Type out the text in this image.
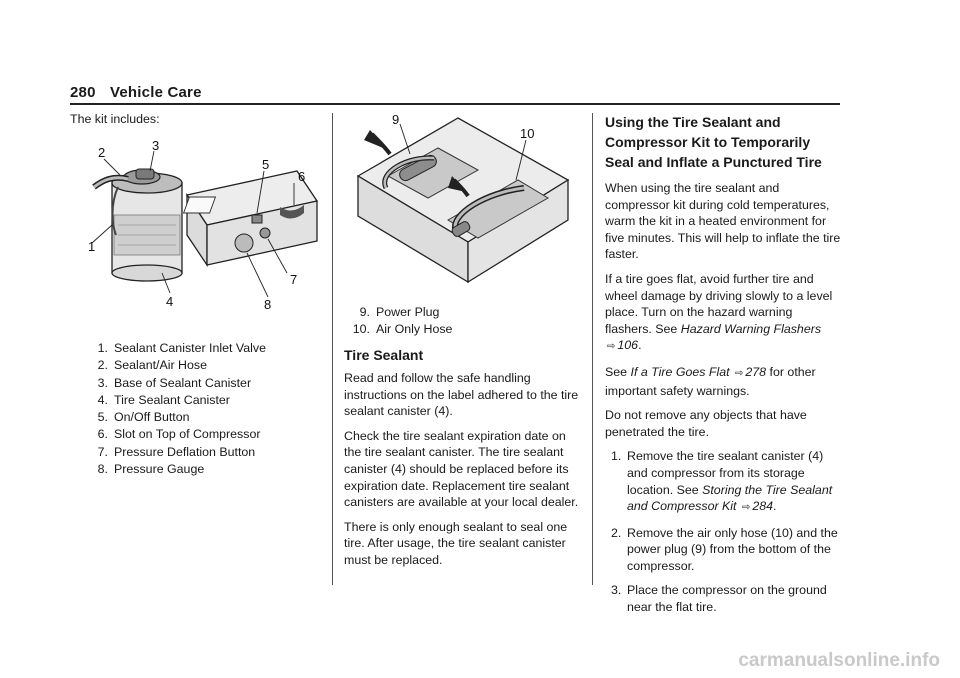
280 Vehicle Care
The kit includes:
1
2	3
4
5
6
7
8
1. Sealant Canister Inlet Valve
2. Sealant/Air Hose
3. Base of Sealant Canister
4. Tire Sealant Canister
5. On/Off Button
6. Slot on Top of Compressor
7. Pressure Deflation Button
8. Pressure Gauge
9
10
9. Power Plug
10. Air Only Hose
Tire Sealant

Read and follow the safe handling instructions on the label adhered to the tire sealant canister (4).

Check the tire sealant expiration date on the tire sealant canister. The tire sealant canister (4) should be replaced before its expiration date. Replacement tire sealant canisters are available at your local dealer.

There is only enough sealant to seal one tire. After usage, the tire sealant canister must be replaced.

Using the Tire Sealant and Compressor Kit to Temporarily Seal and Inflate a Punctured Tire

When using the tire sealant and compressor kit during cold temperatures, warm the kit in a heated environment for five minutes. This will help to inflate the tire faster.

If a tire goes flat, avoid further tire and wheel damage by driving slowly to a level place. Turn on the hazard warning flashers. See Hazard Warning Flashers ⇨ 106.

See If a Tire Goes Flat ⇨ 278 for other important safety warnings.

Do not remove any objects that have penetrated the tire.

1. Remove the tire sealant canister (4) and compressor from its storage location. See Storing the Tire Sealant and Compressor Kit ⇨ 284.
2. Remove the air only hose (10) and the power plug (9) from the bottom of the compressor.
3. Place the compressor on the ground near the flat tire.
carmanualsonline.info
